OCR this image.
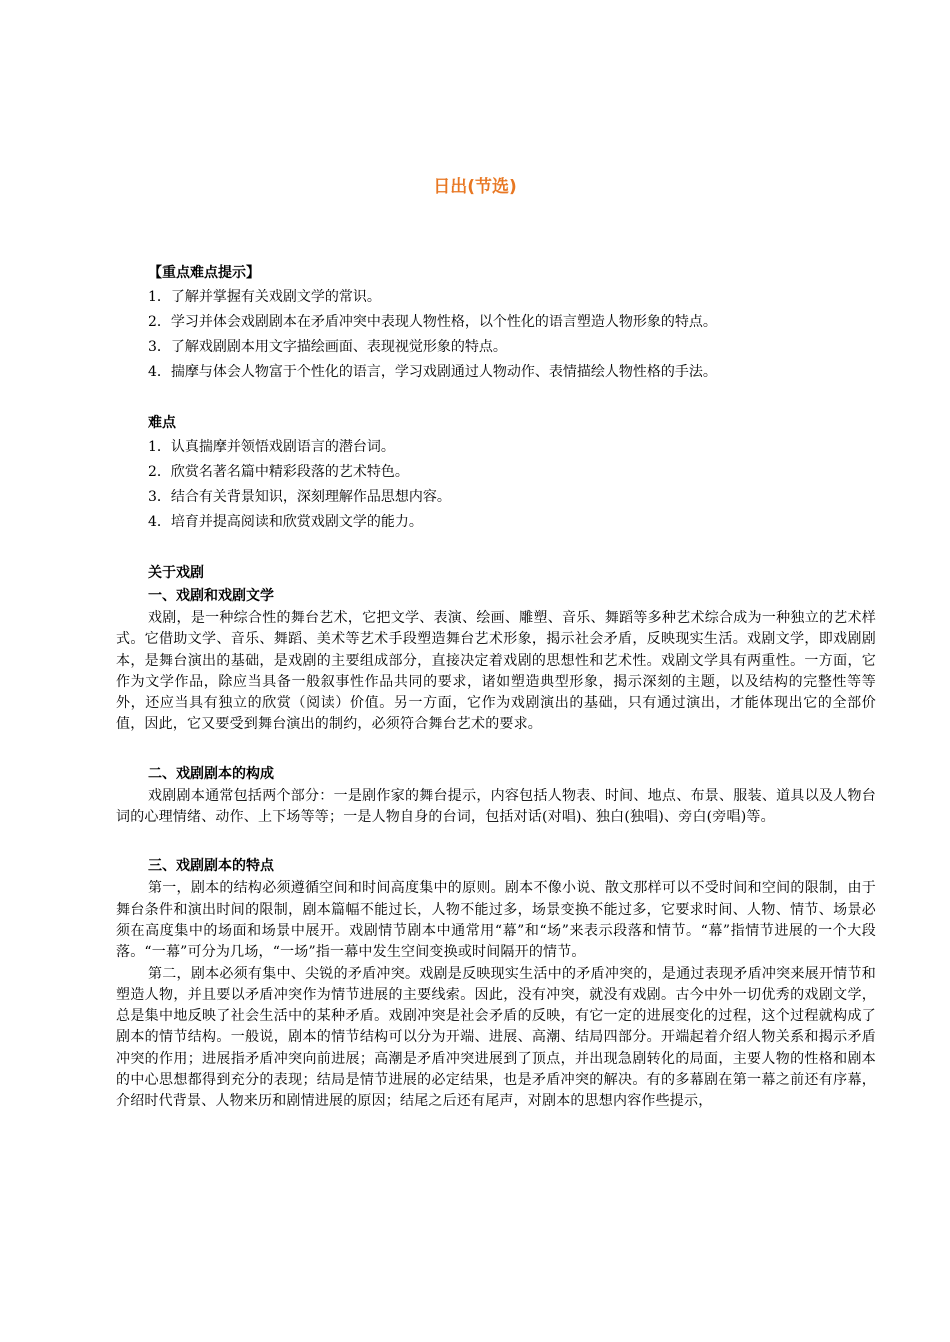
日出(节选)
【重点难点提示】
1．了解并掌握有关戏剧文学的常识。
2．学习并体会戏剧剧本在矛盾冲突中表现人物性格，以个性化的语言塑造人物形象的特点。
3．了解戏剧剧本用文字描绘画面、表现视觉形象的特点。
4．揣摩与体会人物富于个性化的语言，学习戏剧通过人物动作、表情描绘人物性格的手法。
难点
1．认真揣摩并领悟戏剧语言的潜台词。
2．欣赏名著名篇中精彩段落的艺术特色。
3．结合有关背景知识，深刻理解作品思想内容。
4．培育并提高阅读和欣赏戏剧文学的能力。
关于戏剧
一、戏剧和戏剧文学

戏剧，是一种综合性的舞台艺术，它把文学、表演、绘画、雕塑、音乐、舞蹈等多种艺术综合成为一种独立的艺术样式。它借助文学、音乐、舞蹈、美术等艺术手段塑造舞台艺术形象，揭示社会矛盾，反映现实生活。戏剧文学，即戏剧剧本，是舞台演出的基础，是戏剧的主要组成部分，直接决定着戏剧的思想性和艺术性。戏剧文学具有两重性。一方面，它作为文学作品，除应当具备一般叙事性作品共同的要求，诸如塑造典型形象，揭示深刻的主题，以及结构的完整性等等外，还应当具有独立的欣赏（阅读）价值。另一方面，它作为戏剧演出的基础，只有通过演出，才能体现出它的全部价值，因此，它又要受到舞台演出的制约，必须符合舞台艺术的要求。

二、戏剧剧本的构成

戏剧剧本通常包括两个部分：一是剧作家的舞台提示，内容包括人物表、时间、地点、布景、服装、道具以及人物台词的心理情绪、动作、上下场等等；一是人物自身的台词，包括对话(对唱)、独白(独唱)、旁白(旁唱)等。

三、戏剧剧本的特点

第一，剧本的结构必须遵循空间和时间高度集中的原则。剧本不像小说、散文那样可以不受时间和空间的限制，由于舞台条件和演出时间的限制，剧本篇幅不能过长，人物不能过多，场景变换不能过多，它要求时间、人物、情节、场景必须在高度集中的场面和场景中展开。戏剧情节剧本中通常用“幕”和“场”来表示段落和情节。“幕”指情节进展的一个大段落。“一幕”可分为几场，“一场”指一幕中发生空间变换或时间隔开的情节。

第二，剧本必须有集中、尖锐的矛盾冲突。戏剧是反映现实生活中的矛盾冲突的，是通过表现矛盾冲突来展开情节和塑造人物，并且要以矛盾冲突作为情节进展的主要线索。因此，没有冲突，就没有戏剧。古今中外一切优秀的戏剧文学，总是集中地反映了社会生活中的某种矛盾。戏剧冲突是社会矛盾的反映，有它一定的进展变化的过程，这个过程就构成了剧本的情节结构。一般说，剧本的情节结构可以分为开端、进展、高潮、结局四部分。开端起着介绍人物关系和揭示矛盾冲突的作用；进展指矛盾冲突向前进展；高潮是矛盾冲突进展到了顶点，并出现急剧转化的局面，主要人物的性格和剧本的中心思想都得到充分的表现；结局是情节进展的必定结果，也是矛盾冲突的解决。有的多幕剧在第一幕之前还有序幕，介绍时代背景、人物来历和剧情进展的原因；结尾之后还有尾声，对剧本的思想内容作些提示，
